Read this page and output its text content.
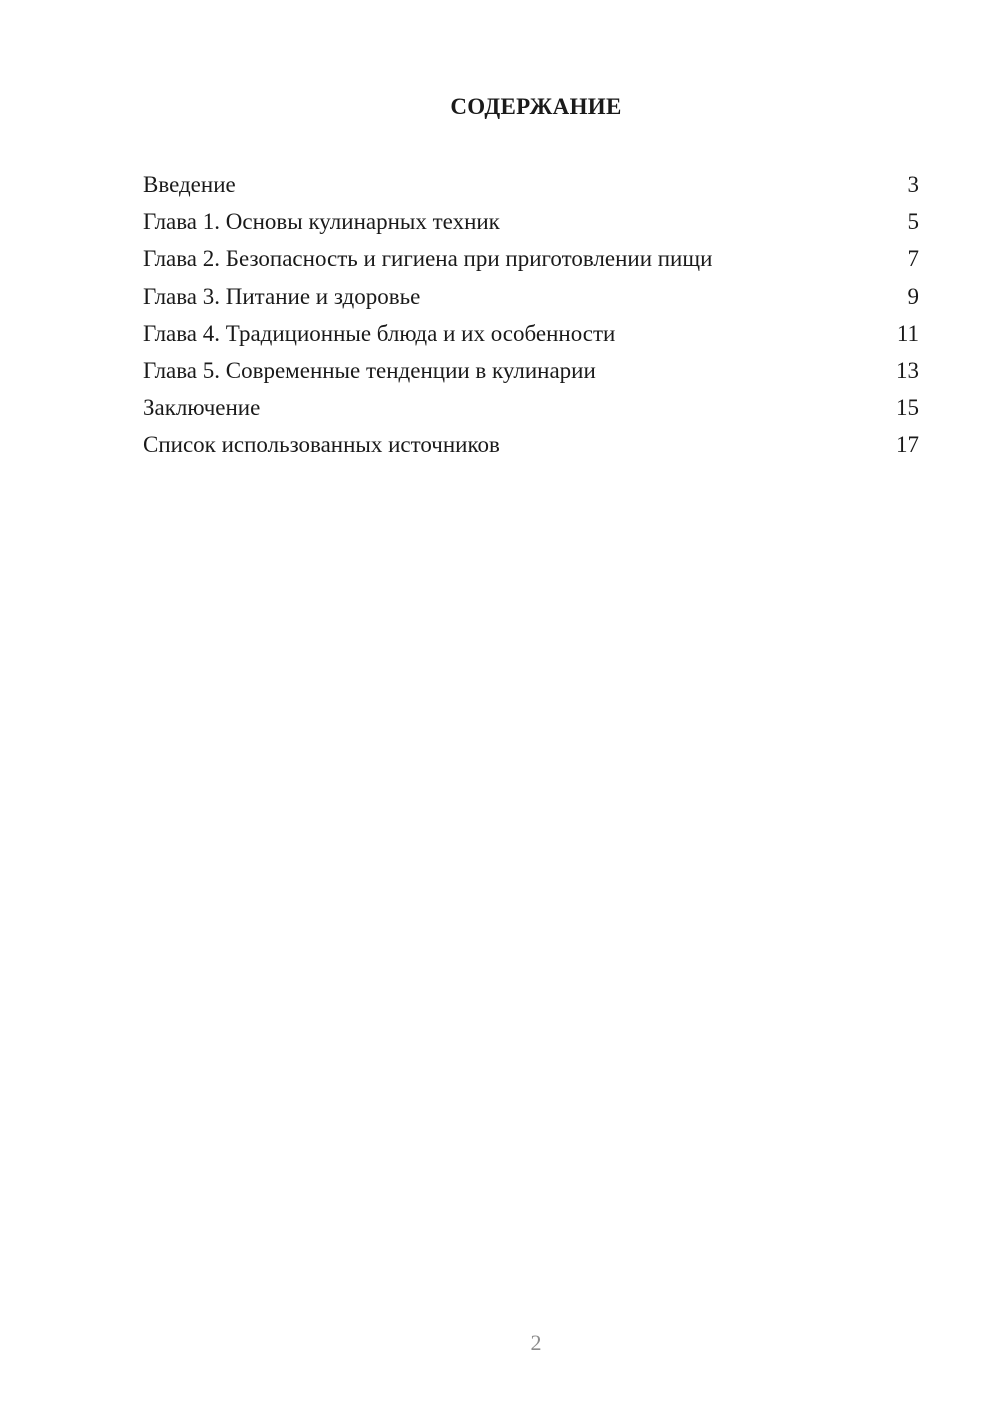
СОДЕРЖАНИЕ
Введение	3
Глава 1. Основы кулинарных техник	5
Глава 2. Безопасность и гигиена при приготовлении пищи	7
Глава 3. Питание и здоровье	9
Глава 4. Традиционные блюда и их особенности	11
Глава 5. Современные тенденции в кулинарии	13
Заключение	15
Список использованных источников	17
2
